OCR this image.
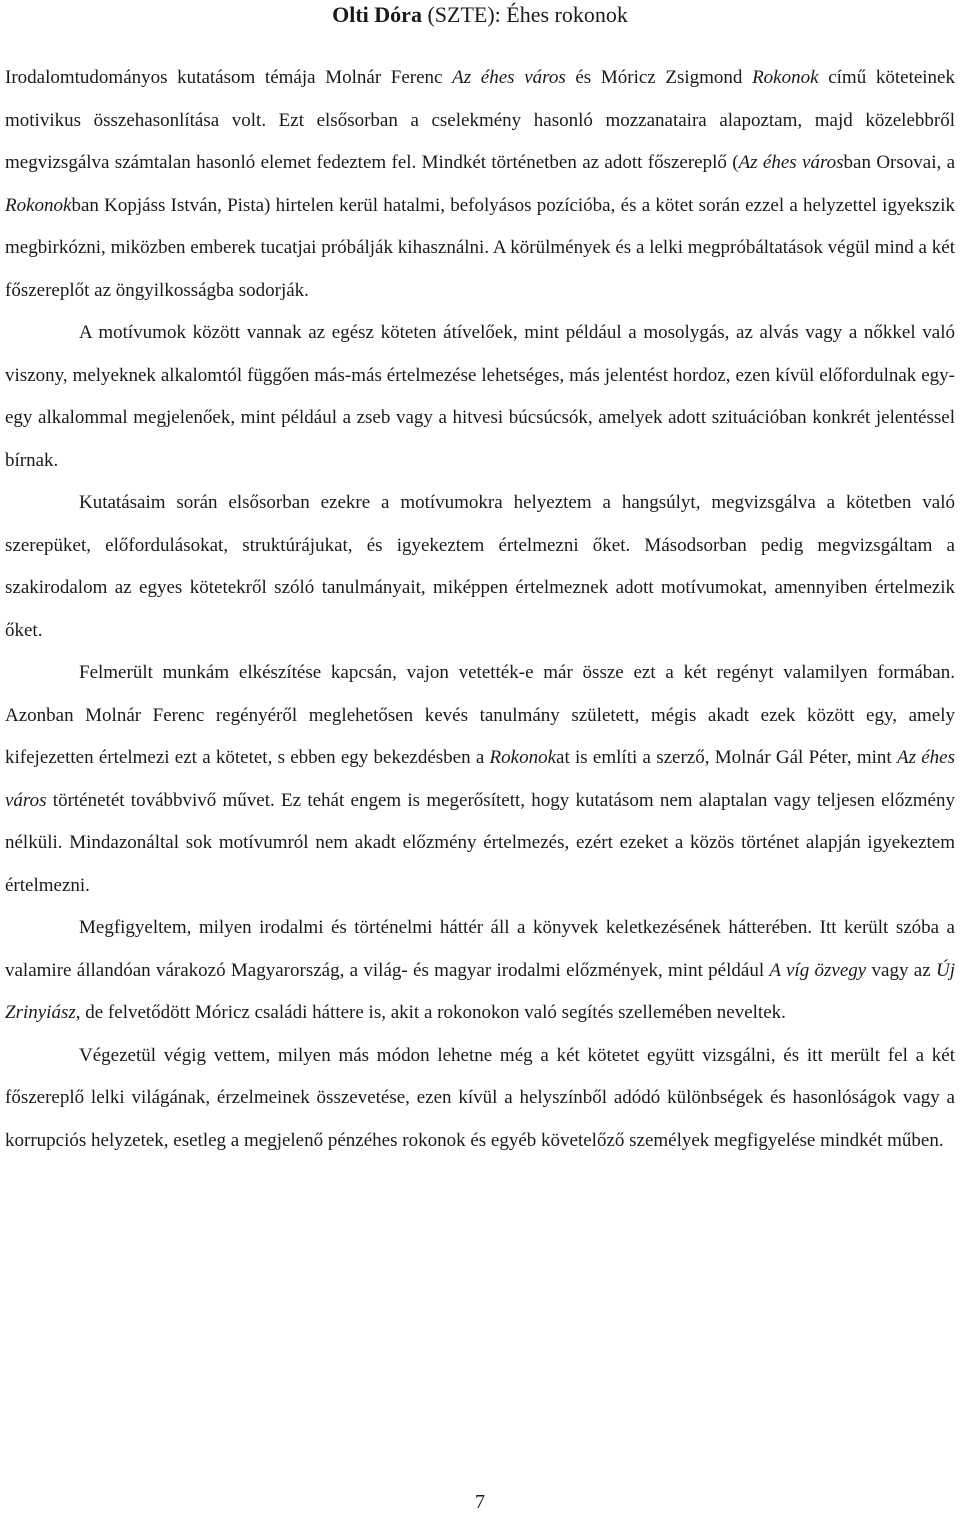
Olti Dóra (SZTE): Éhes rokonok

Irodalomtudományos kutatásom témája Molnár Ferenc Az éhes város és Móricz Zsigmond Rokonok című köteteinek motivikus összehasonlítása volt. Ezt elsősorban a cselekmény hasonló mozzanataira alapoztam, majd közelebbről megvizsgálva számtalan hasonló elemet fedeztem fel. Mindkét történetben az adott főszereplő (Az éhes városban Orsovai, a Rokonokban Kopjáss István, Pista) hirtelen kerül hatalmi, befolyásos pozícióba, és a kötet során ezzel a helyzettel igyekszik megbirkózni, miközben emberek tucatjai próbálják kihasználni. A körülmények és a lelki megpróbáltatások végül mind a két főszereplőt az öngyilkosságba sodorják.

A motívumok között vannak az egész köteten átívelőek, mint például a mosolygás, az alvás vagy a nőkkel való viszony, melyeknek alkalomtól függően más-más értelmezése lehetséges, más jelentést hordoz, ezen kívül előfordulnak egy-egy alkalommal megjelenőek, mint például a zseb vagy a hitvesi búcsúcsók, amelyek adott szituációban konkrét jelentéssel bírnak.

Kutatásaim során elsősorban ezekre a motívumokra helyeztem a hangsúlyt, megvizsgálva a kötetben való szerepüket, előfordulásokat, struktúrájukat, és igyekeztem értelmezni őket. Másodsorban pedig megvizsgáltam a szakirodalom az egyes kötetekről szóló tanulmányait, miképpen értelmeznek adott motívumokat, amennyiben értelmezik őket.

Felmerült munkám elkészítése kapcsán, vajon vetették-e már össze ezt a két regényt valamilyen formában. Azonban Molnár Ferenc regényéről meglehetősen kevés tanulmány született, mégis akadt ezek között egy, amely kifejezetten értelmezi ezt a kötetet, s ebben egy bekezdésben a Rokonokat is említi a szerző, Molnár Gál Péter, mint Az éhes város történetét továbbvivő művet. Ez tehát engem is megerősített, hogy kutatásom nem alaptalan vagy teljesen előzmény nélküli. Mindazonáltal sok motívumról nem akadt előzmény értelmezés, ezért ezeket a közös történet alapján igyekeztem értelmezni.

Megfigyeltem, milyen irodalmi és történelmi háttér áll a könyvek keletkezésének hátterében. Itt került szóba a valamire állandóan várakozó Magyarország, a világ- és magyar irodalmi előzmények, mint például A víg özvegy vagy az Új Zrinyiász, de felvetődött Móricz családi háttere is, akit a rokonokon való segítés szellemében neveltek.

Végezetül végig vettem, milyen más módon lehetne még a két kötetet együtt vizsgálni, és itt merült fel a két főszereplő lelki világának, érzelmeinek összevetése, ezen kívül a helyszínből adódó különbségek és hasonlóságok vagy a korrupciós helyzetek, esetleg a megjelenő pénzéhes rokonok és egyéb követelőző személyek megfigyelése mindkét műben.

7
